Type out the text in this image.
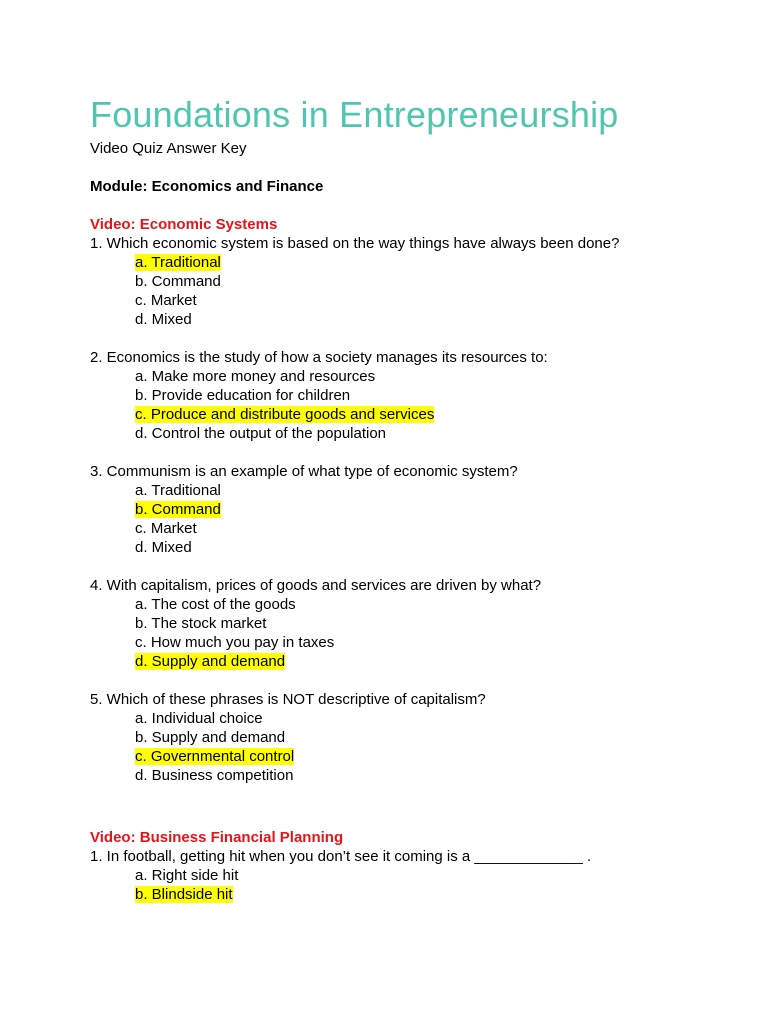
Foundations in Entrepreneurship
Video Quiz Answer Key
Module: Economics and Finance
Video: Economic Systems
1. Which economic system is based on the way things have always been done?
a. Traditional
b. Command
c. Market
d. Mixed
2. Economics is the study of how a society manages its resources to:
a. Make more money and resources
b. Provide education for children
c. Produce and distribute goods and services
d. Control the output of the population
3. Communism is an example of what type of economic system?
a. Traditional
b. Command
c. Market
d. Mixed
4. With capitalism, prices of goods and services are driven by what?
a. The cost of the goods
b. The stock market
c. How much you pay in taxes
d. Supply and demand
5. Which of these phrases is NOT descriptive of capitalism?
a. Individual choice
b. Supply and demand
c. Governmental control
d. Business competition
Video: Business Financial Planning
1. In football, getting hit when you don’t see it coming is a _____________ .
a. Right side hit
b. Blindside hit
